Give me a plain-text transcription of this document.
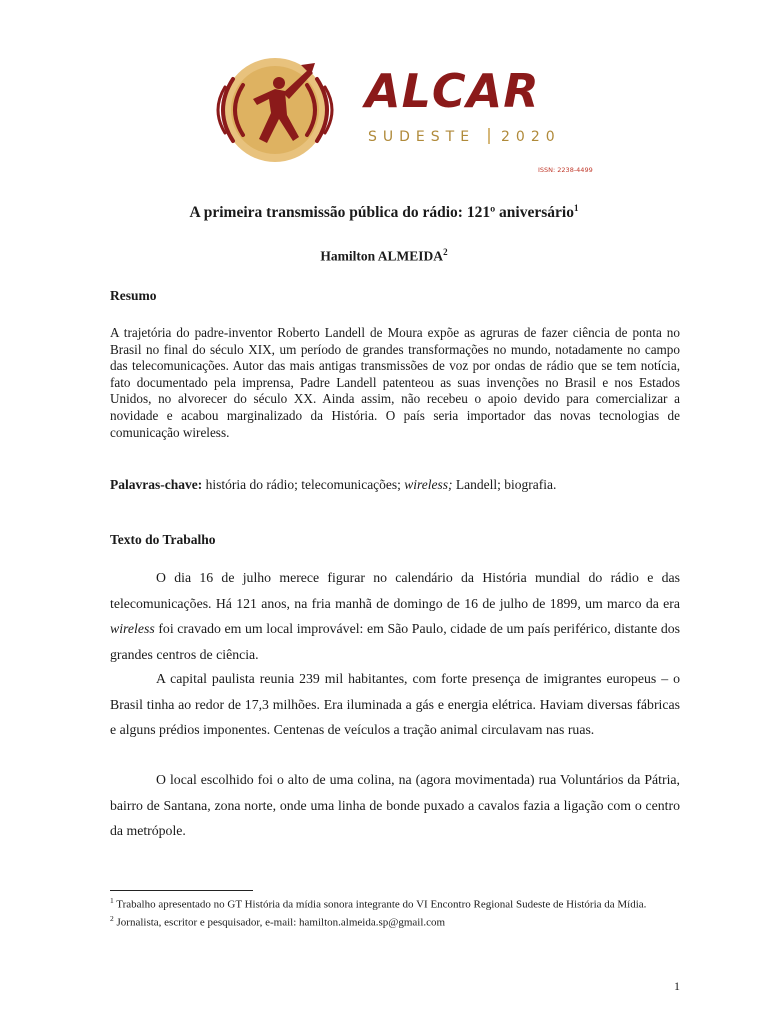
ALCAR
SUDESTE 2020
ISSN: 2238-4499
A primeira transmissão pública do rádio: 121º aniversário$^1$
Hamilton ALMEIDA$^2$
Resumo
A trajetória do padre-inventor Roberto Landell de Moura expõe as agruras de fazer ciência de ponta no Brasil no final do século XIX, um período de grandes transformações no mundo, notadamente no campo das telecomunicações. Autor das mais antigas transmissões de voz por ondas de rádio que se tem notícia, fato documentado pela imprensa, Padre Landell patenteou as suas invenções no Brasil e nos Estados Unidos, no alvorecer do século XX. Ainda assim, não recebeu o apoio devido para comercializar a novidade e acabou marginalizado da História. O país seria importador das novas tecnologias de comunicação wireless.
Palavras-chave: história do rádio; telecomunicações; wireless; Landell; biografia.
Texto do Trabalho

O dia 16 de julho merece figurar no calendário da História mundial do rádio e das telecomunicações. Há 121 anos, na fria manhã de domingo de 16 de julho de 1899, um marco da era wireless foi cravado em um local improvável: em São Paulo, cidade de um país periférico, distante dos grandes centros de ciência.

A capital paulista reunia 239 mil habitantes, com forte presença de imigrantes europeus – o Brasil tinha ao redor de 17,3 milhões. Era iluminada a gás e energia elétrica. Haviam diversas fábricas e alguns prédios imponentes. Centenas de veículos a tração animal circulavam nas ruas.

O local escolhido foi o alto de uma colina, na (agora movimentada) rua Voluntários da Pátria, bairro de Santana, zona norte, onde uma linha de bonde puxado a cavalos fazia a ligação com o centro da metrópole.

$^1$ Trabalho apresentado no GT História da mídia sonora integrante do VI Encontro Regional Sudeste de História da Mídia.
$^2$ Jornalista, escritor e pesquisador, e-mail: hamilton.almeida.sp@gmail.com
1
